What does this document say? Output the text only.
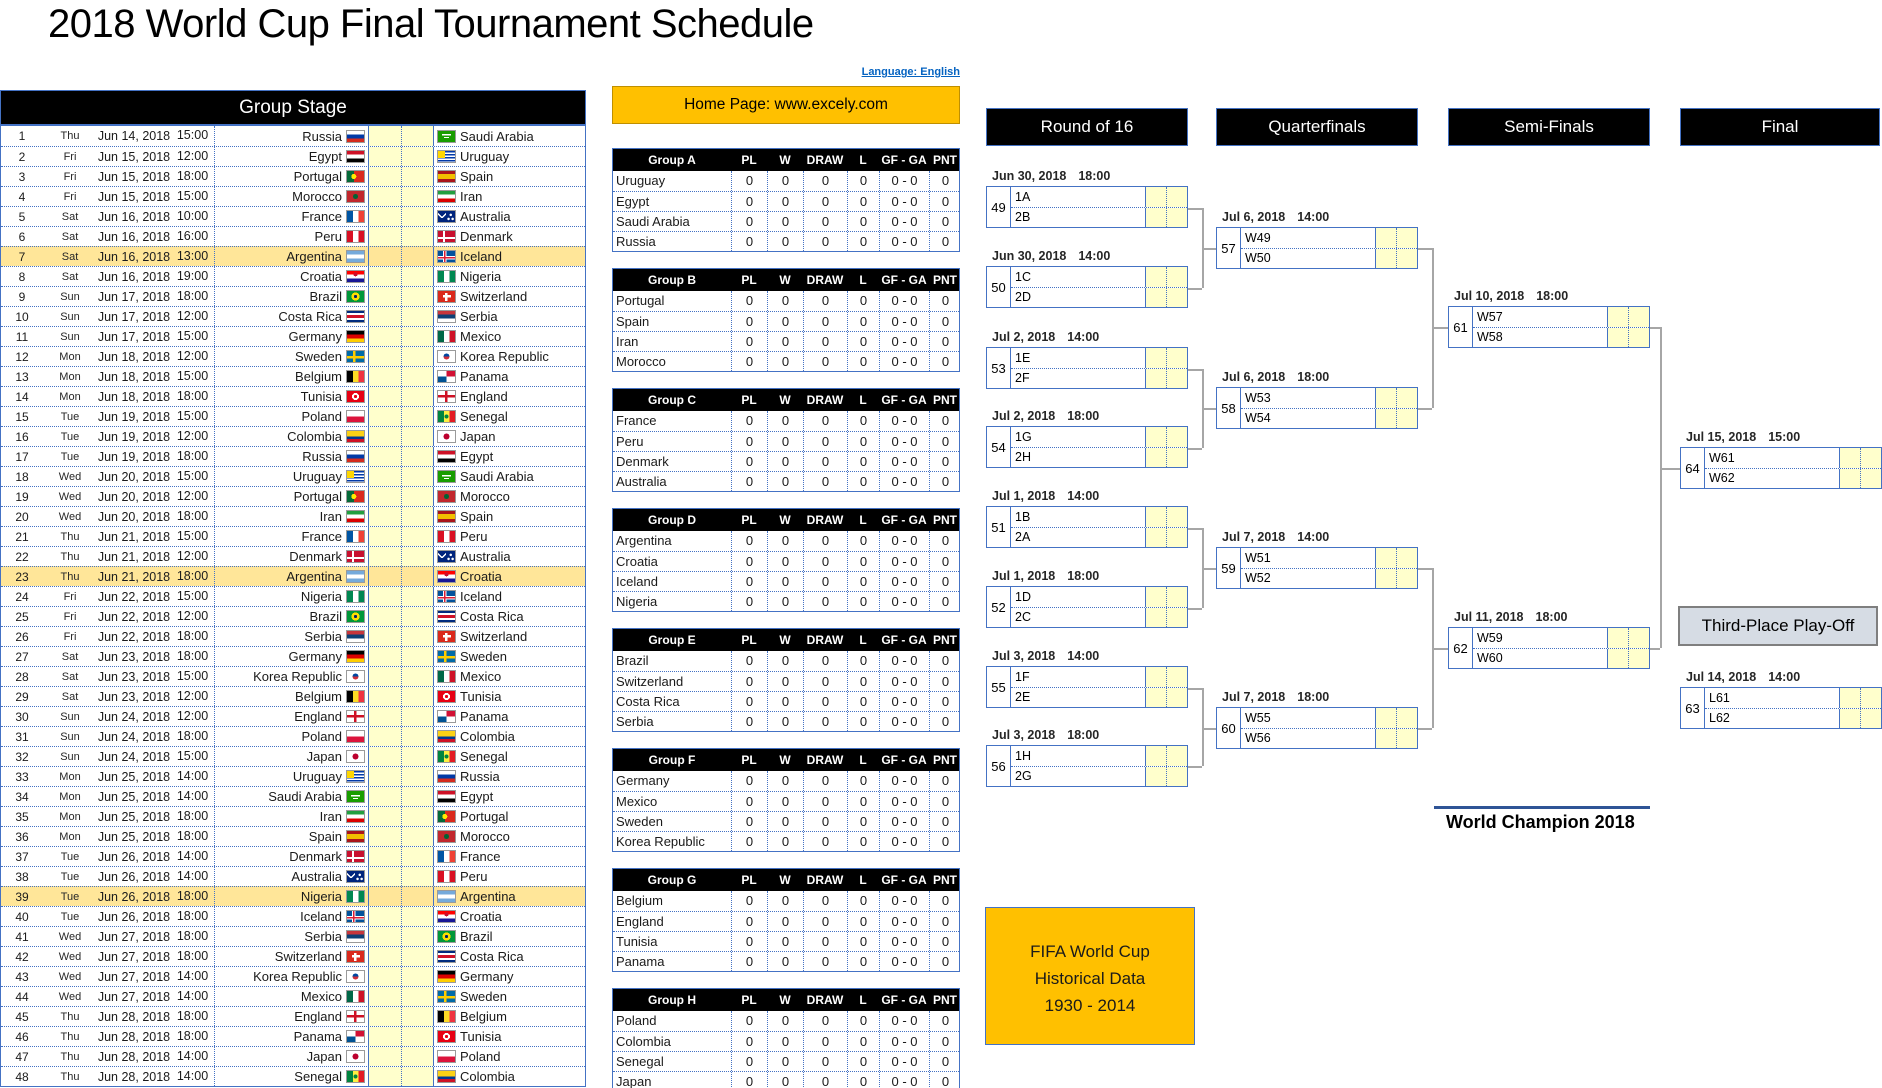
2018 World Cup Final Tournament Schedule
Language: English
Group Stage
1	Thu	Jun 14, 2018 15:00	Russia	Saudi Arabia
2	Fri	Jun 15, 2018 12:00	Egypt	Uruguay
3	Fri	Jun 15, 2018 18:00	Portugal	Spain
4	Fri	Jun 15, 2018 15:00	Morocco	Iran
5	Sat	Jun 16, 2018 10:00	France	Australia
6	Sat	Jun 16, 2018 16:00	Peru	Denmark
7	Sat	Jun 16, 2018 13:00	Argentina	Iceland
8	Sat	Jun 16, 2018 19:00	Croatia	Nigeria
9	Sun	Jun 17, 2018 18:00	Brazil	Switzerland
10	Sun	Jun 17, 2018 12:00	Costa Rica	Serbia
11	Sun	Jun 17, 2018 15:00	Germany	Mexico
12	Mon	Jun 18, 2018 12:00	Sweden	Korea Republic
13	Mon	Jun 18, 2018 15:00	Belgium	Panama
14	Mon	Jun 18, 2018 18:00	Tunisia	England
15	Tue	Jun 19, 2018 15:00	Poland	Senegal
16	Tue	Jun 19, 2018 12:00	Colombia	Japan
17	Tue	Jun 19, 2018 18:00	Russia	Egypt
18	Wed	Jun 20, 2018 15:00	Uruguay	Saudi Arabia
19	Wed	Jun 20, 2018 12:00	Portugal	Morocco
20	Wed	Jun 20, 2018 18:00	Iran	Spain
21	Thu	Jun 21, 2018 15:00	France	Peru
22	Thu	Jun 21, 2018 12:00	Denmark	Australia
23	Thu	Jun 21, 2018 18:00	Argentina	Croatia
24	Fri	Jun 22, 2018 15:00	Nigeria	Iceland
25	Fri	Jun 22, 2018 12:00	Brazil	Costa Rica
26	Fri	Jun 22, 2018 18:00	Serbia	Switzerland
27	Sat	Jun 23, 2018 18:00	Germany	Sweden
28	Sat	Jun 23, 2018 15:00	Korea Republic	Mexico
29	Sat	Jun 23, 2018 12:00	Belgium	Tunisia
30	Sun	Jun 24, 2018 12:00	England	Panama
31	Sun	Jun 24, 2018 18:00	Poland	Colombia
32	Sun	Jun 24, 2018 15:00	Japan	Senegal
33	Mon	Jun 25, 2018 14:00	Uruguay	Russia
34	Mon	Jun 25, 2018 14:00	Saudi Arabia	Egypt
35	Mon	Jun 25, 2018 18:00	Iran	Portugal
36	Mon	Jun 25, 2018 18:00	Spain	Morocco
37	Tue	Jun 26, 2018 14:00	Denmark	France
38	Tue	Jun 26, 2018 14:00	Australia	Peru
39	Tue	Jun 26, 2018 18:00	Nigeria	Argentina
40	Tue	Jun 26, 2018 18:00	Iceland	Croatia
41	Wed	Jun 27, 2018 18:00	Serbia	Brazil
42	Wed	Jun 27, 2018 18:00	Switzerland	Costa Rica
43	Wed	Jun 27, 2018 14:00	Korea Republic	Germany
44	Wed	Jun 27, 2018 14:00	Mexico	Sweden
45	Thu	Jun 28, 2018 18:00	England	Belgium
46	Thu	Jun 28, 2018 18:00	Panama	Tunisia
47	Thu	Jun 28, 2018 14:00	Japan	Poland
48	Thu	Jun 28, 2018 14:00	Senegal	Colombia
Home Page: www.excely.com
Group A	PL	W	DRAW	L	GF - GA PNT
Uruguay	0	0	0	0	0 - 0	0
Egypt	0	0	0	0	0 - 0	0
Saudi Arabia	0	0	0	0	0 - 0	0
Russia	0	0	0	0	0 - 0	0
Group B	PL	W	DRAW	L	GF - GA PNT
Portugal	0	0	0	0	0 - 0	0
Spain	0	0	0	0	0 - 0	0
Iran	0	0	0	0	0 - 0	0
Morocco	0	0	0	0	0 - 0	0
Group C	PL	W	DRAW	L	GF - GA PNT
France	0	0	0	0	0 - 0	0
Peru	0	0	0	0	0 - 0	0
Denmark	0	0	0	0	0 - 0	0
Australia	0	0	0	0	0 - 0	0
Group D	PL	W	DRAW	L	GF - GA PNT
Argentina	0	0	0	0	0 - 0	0
Croatia	0	0	0	0	0 - 0	0
Iceland	0	0	0	0	0 - 0	0
Nigeria	0	0	0	0	0 - 0	0
Group E	PL	W	DRAW	L	GF - GA PNT
Brazil	0	0	0	0	0 - 0	0
Switzerland	0	0	0	0	0 - 0	0
Costa Rica	0	0	0	0	0 - 0	0
Serbia	0	0	0	0	0 - 0	0
Group F	PL	W	DRAW	L	GF - GA PNT
Germany	0	0	0	0	0 - 0	0
Mexico	0	0	0	0	0 - 0	0
Sweden	0	0	0	0	0 - 0	0
Korea Republic	0	0	0	0	0 - 0	0
Group G	PL	W	DRAW	L	GF - GA PNT
Belgium	0	0	0	0	0 - 0	0
England	0	0	0	0	0 - 0	0
Tunisia	0	0	0	0	0 - 0	0
Panama	0	0	0	0	0 - 0	0
Group H	PL	W	DRAW	L	GF - GA PNT
Poland	0	0	0	0	0 - 0	0
Colombia	0	0	0	0	0 - 0	0
Senegal	0	0	0	0	0 - 0	0
Japan	0	0	0	0	0 - 0	0
Round of 16	Quarterfinals	Semi-Finals	Final
Jun 30, 2018 18:00
49
1A
2B
Jun 30, 2018 14:00
50
1C
2D
Jul 2, 2018 14:00
53
1E
2F
Jul 2, 2018 18:00
54
1G
2H
Jul 1, 2018 14:00
51
1B
2A
Jul 1, 2018 18:00
52
1D
2C
Jul 3, 2018 14:00
55
1F
2E
Jul 3, 2018 18:00
56
1H
2G
Jul 6, 2018 14:00
57
W49
W50
Jul 6, 2018 18:00
58
W53
W54
Jul 7, 2018 14:00
59
W51
W52
Jul 7, 2018 18:00
60
W55
W56
Jul 10, 2018 18:00
61
W57
W58
Jul 11, 2018 18:00
62
W59
W60
Jul 15, 2018 15:00
64
W61
W62
Jul 14, 2018 14:00
63
L61
L62
Third-Place Play-Off
World Champion 2018
FIFA World Cup
Historical Data
1930 - 2014
